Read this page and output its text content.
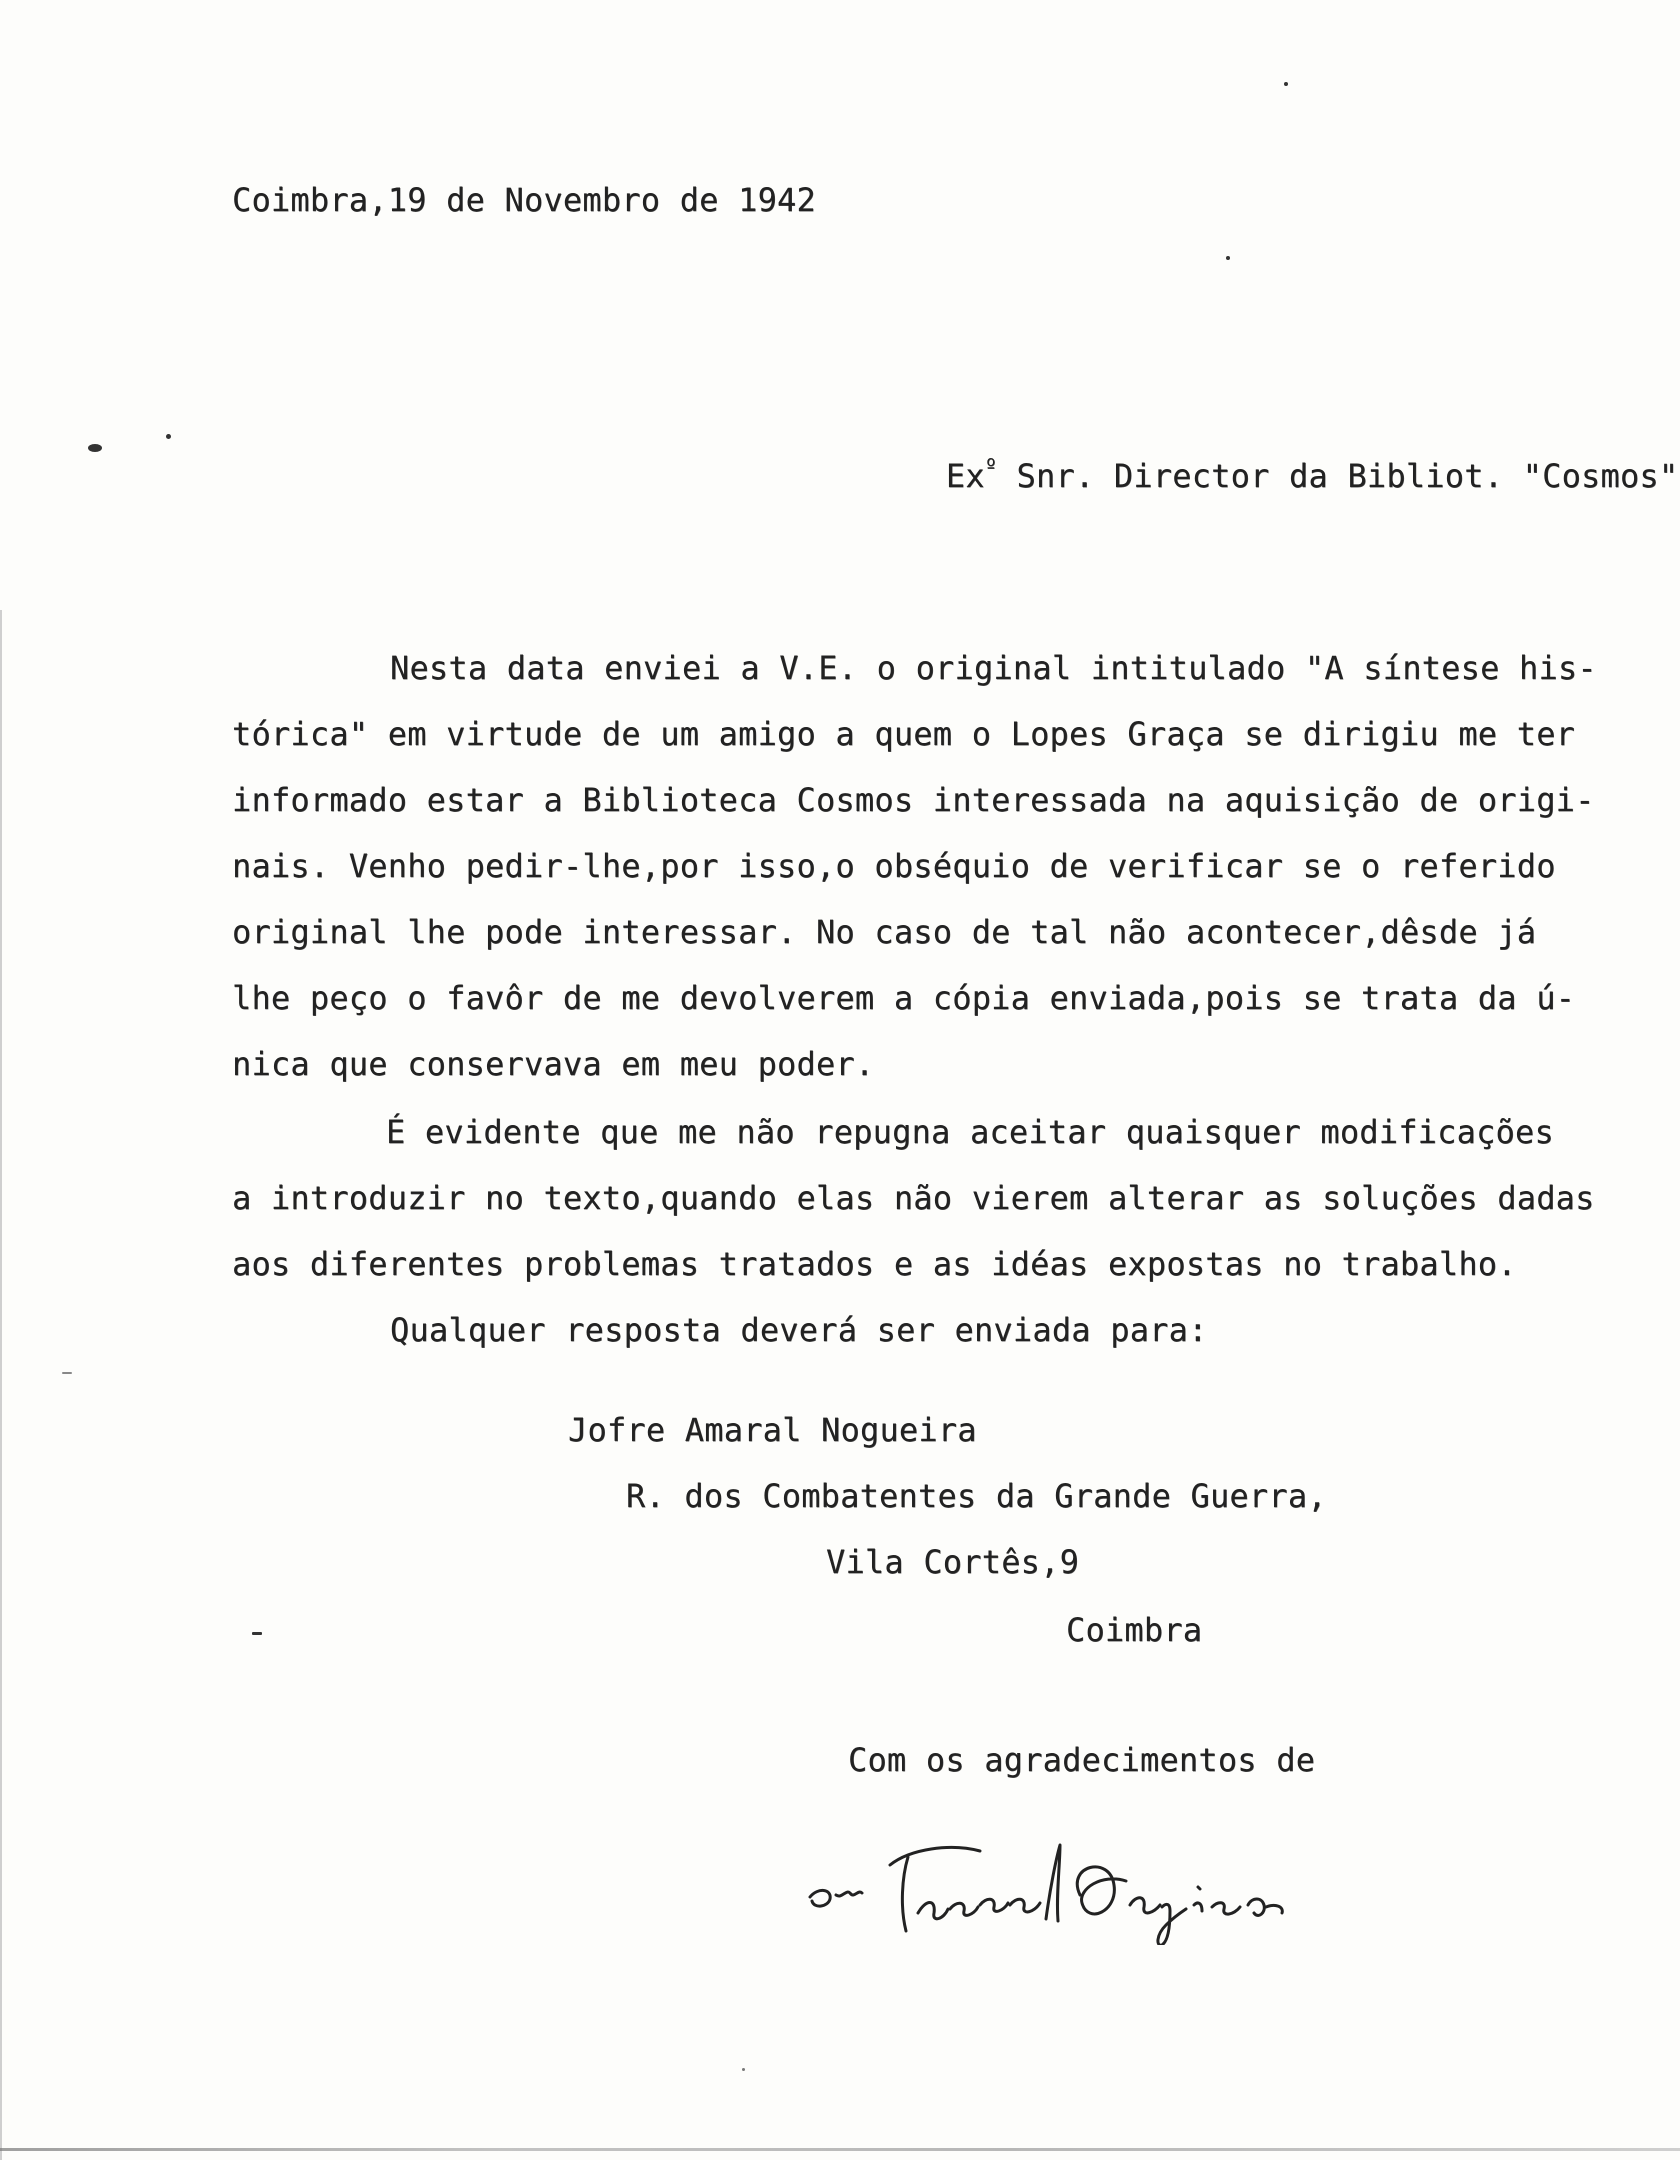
Coimbra,19 de Novembro de 1942

$Ex^º$ Snr. Director da Bibliot. "Cosmos"

Nesta data enviei a V.E. o original intitulado "A síntese his-
tórica" em virtude de um amigo a quem o Lopes Graça se dirigiu me ter
informado estar a Biblioteca Cosmos interessada na aquisição de origi-
nais. Venho pedir-lhe,por isso,o obséquio de verificar se o referido
original lhe pode interessar. No caso de tal não acontecer,dêsde já
lhe peço o favôr de me devolverem a cópia enviada,pois se trata da ú-
nica que conservava em meu poder.
É evidente que me não repugna aceitar quaisquer modificações
a introduzir no texto,quando elas não vierem alterar as soluções dadas
aos diferentes problemas tratados e as idéas expostas no trabalho.
Qualquer resposta deverá ser enviada para:
Jofre Amaral Nogueira
R. dos Combatentes da Grande Guerra,
Vila Cortês,9
Coimbra
Com os agradecimentos de
